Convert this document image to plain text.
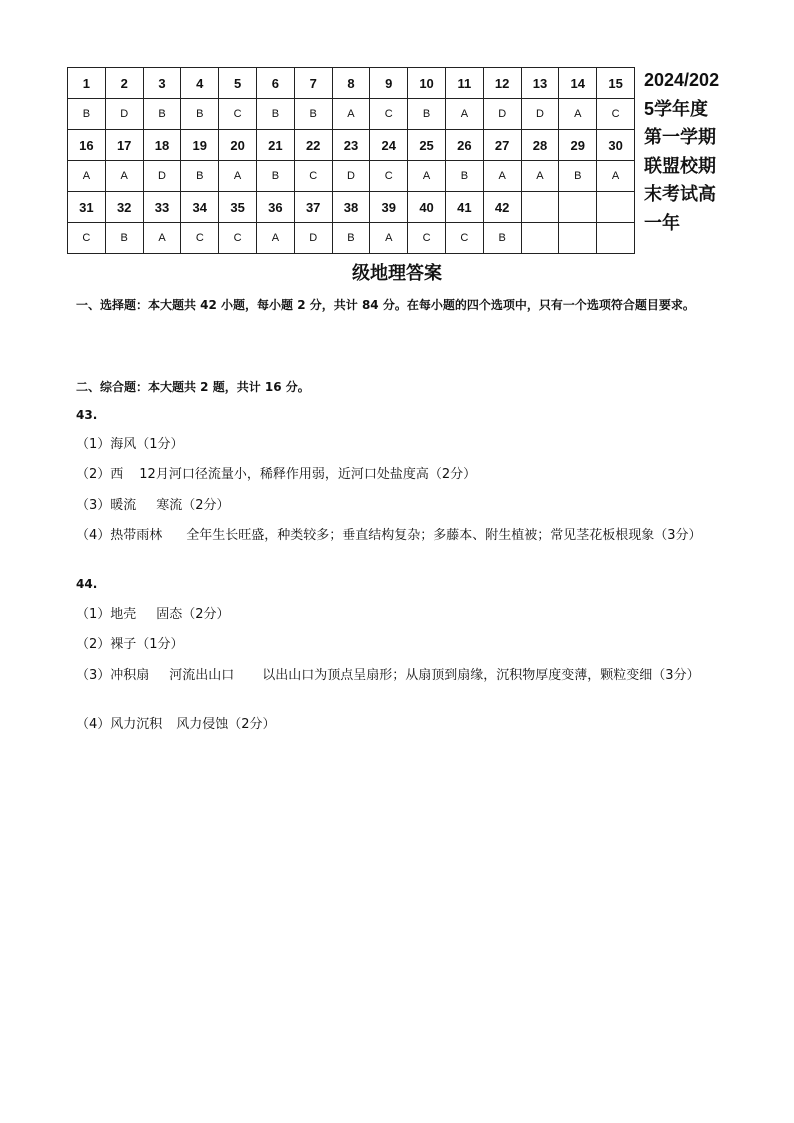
1	2	3	4	5	6	7	8	9	10	11	12	13	14	15
B	D	B	B	C	B	B	A	C	B	A	D	D	A	C
16	17	18	19	20	21	22	23	24	25	26	27	28	29	30
A	A	D	B	A	B	C	D	C	A	B	A	A	B	A
31	32	33	34	35	36	37	38	39	40	41	42			
C	B	A	C	C	A	D	B	A	C	C	B			
2024/2025学年度第一学期联盟校期末考试高一年
级地理答案
一、选择题：本大题共 42 小题，每小题 2 分，共计 84 分。在每小题的四个选项中，只有一个选项符合题目要求。
二、综合题：本大题共 2 题，共计 16 分。
43.
（1）海风（1分）
（2）西 12月河口径流量小，稀释作用弱，近河口处盐度高（2分）
（3）暖流 寒流（2分）
（4）热带雨林 全年生长旺盛，种类较多；垂直结构复杂；多藤本、附生植被；常见茎花板根现象（3分）
44.
（1）地壳 固态（2分）
（2）裸子（1分）
（3）冲积扇 河流出山口 以出山口为顶点呈扇形；从扇顶到扇缘，沉积物厚度变薄，颗粒变细（3分）
（4）风力沉积 风力侵蚀（2分）
